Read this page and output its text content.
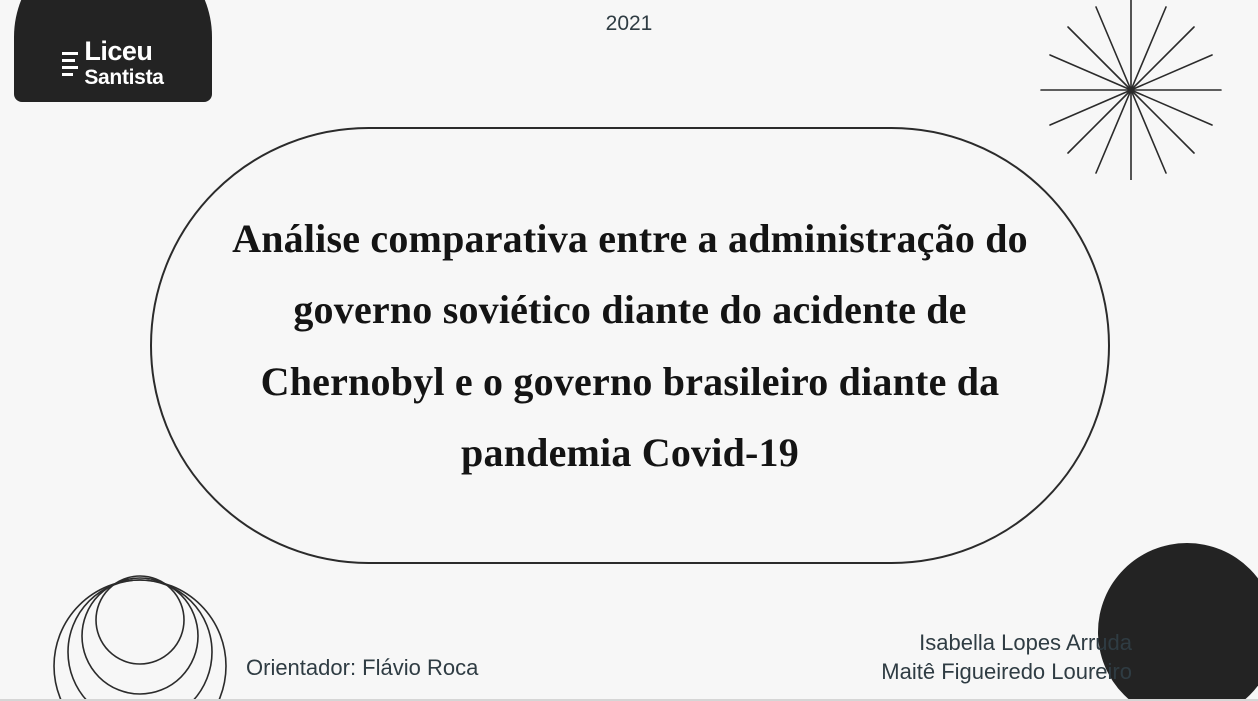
Liceu
Santista
2021
Análise comparativa entre a administração do governo soviético diante do acidente de Chernobyl e o governo brasileiro diante da pandemia Covid-19
Orientador: Flávio Roca
Isabella Lopes Arruda
Maitê Figueiredo Loureiro
